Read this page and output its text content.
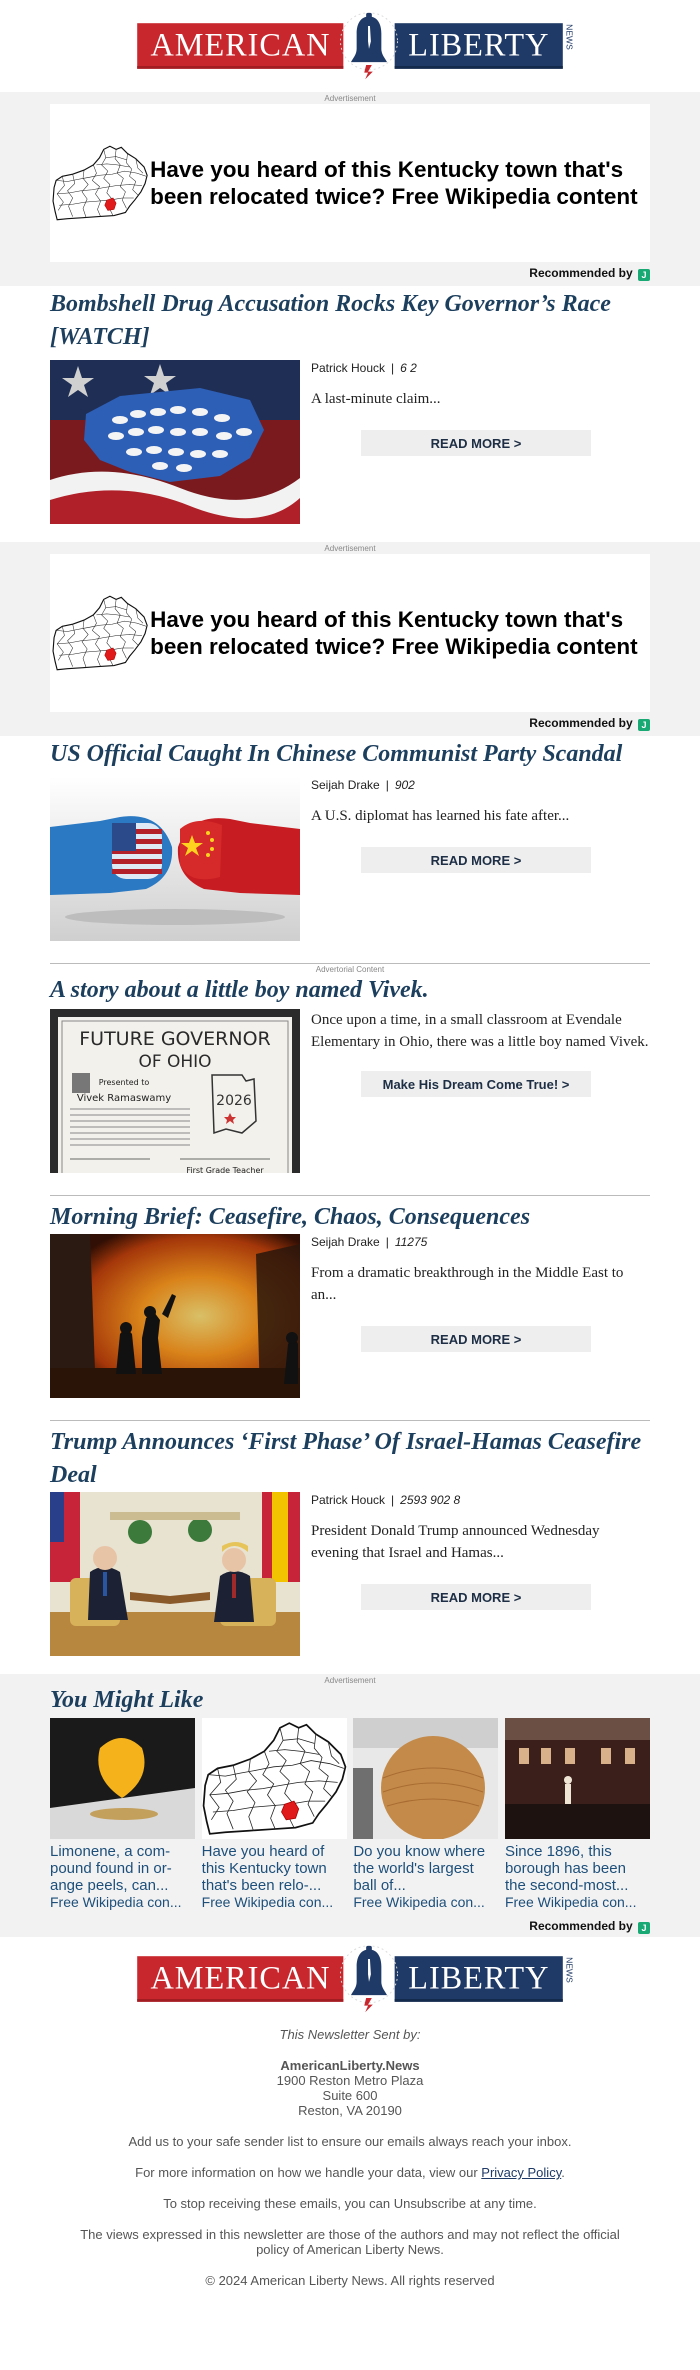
AMERICAN	LIBERTY	NEWS
Advertisement
Have you heard of this Kentucky town that's been relocated twice? Free Wikipedia content
Recommended by J
Bombshell Drug Accusation Rocks Key Governor’s Race [WATCH]
Patrick Houck | 6 2
A last-minute claim...
READ MORE >
Advertisement
Have you heard of this Kentucky town that's been relocated twice? Free Wikipedia content
Recommended by J
US Official Caught In Chinese Communist Party Scandal
Seijah Drake | 902
A U.S. diplomat has learned his fate after...
READ MORE >
Advertorial Content
A story about a little boy named Vivek.
FUTURE GOVERNOR
OF OHIO
Presented to
Vivek Ramaswamy	2026
First Grade Teacher
Once upon a time, in a small classroom at Evendale Elementary in Ohio, there was a little boy named Vivek.
Make His Dream Come True! >
Morning Brief: Ceasefire, Chaos, Consequences
Seijah Drake | 11275
From a dramatic breakthrough in the Middle East to an...
READ MORE >
Trump Announces ‘First Phase’ Of Israel-Hamas Ceasefire Deal
Patrick Houck | 2593 902 8
President Donald Trump announced Wednesday evening that Israel and Hamas...
READ MORE >
Advertisement
You Might Like
Limonene, a com-pound found in or-ange peels, can...
Free Wikipedia con...
Have you heard of this Kentucky town that's been relo-...
Free Wikipedia con...
Do you know where the world's largest ball of...
Free Wikipedia con...
Since 1896, this borough has been the second-most...
Free Wikipedia con...
Recommended by J
AMERICAN	LIBERTY	NEWS

This Newsletter Sent by:

AmericanLiberty.News

1900 Reston Metro Plaza

Suite 600

Reston, VA 20190

Add us to your safe sender list to ensure our emails always reach your inbox.

For more information on how we handle your data, view our Privacy Policy.

To stop receiving these emails, you can Unsubscribe at any time.

The views expressed in this newsletter are those of the authors and may not reflect the official policy of American Liberty News.

© 2024 American Liberty News. All rights reserved
